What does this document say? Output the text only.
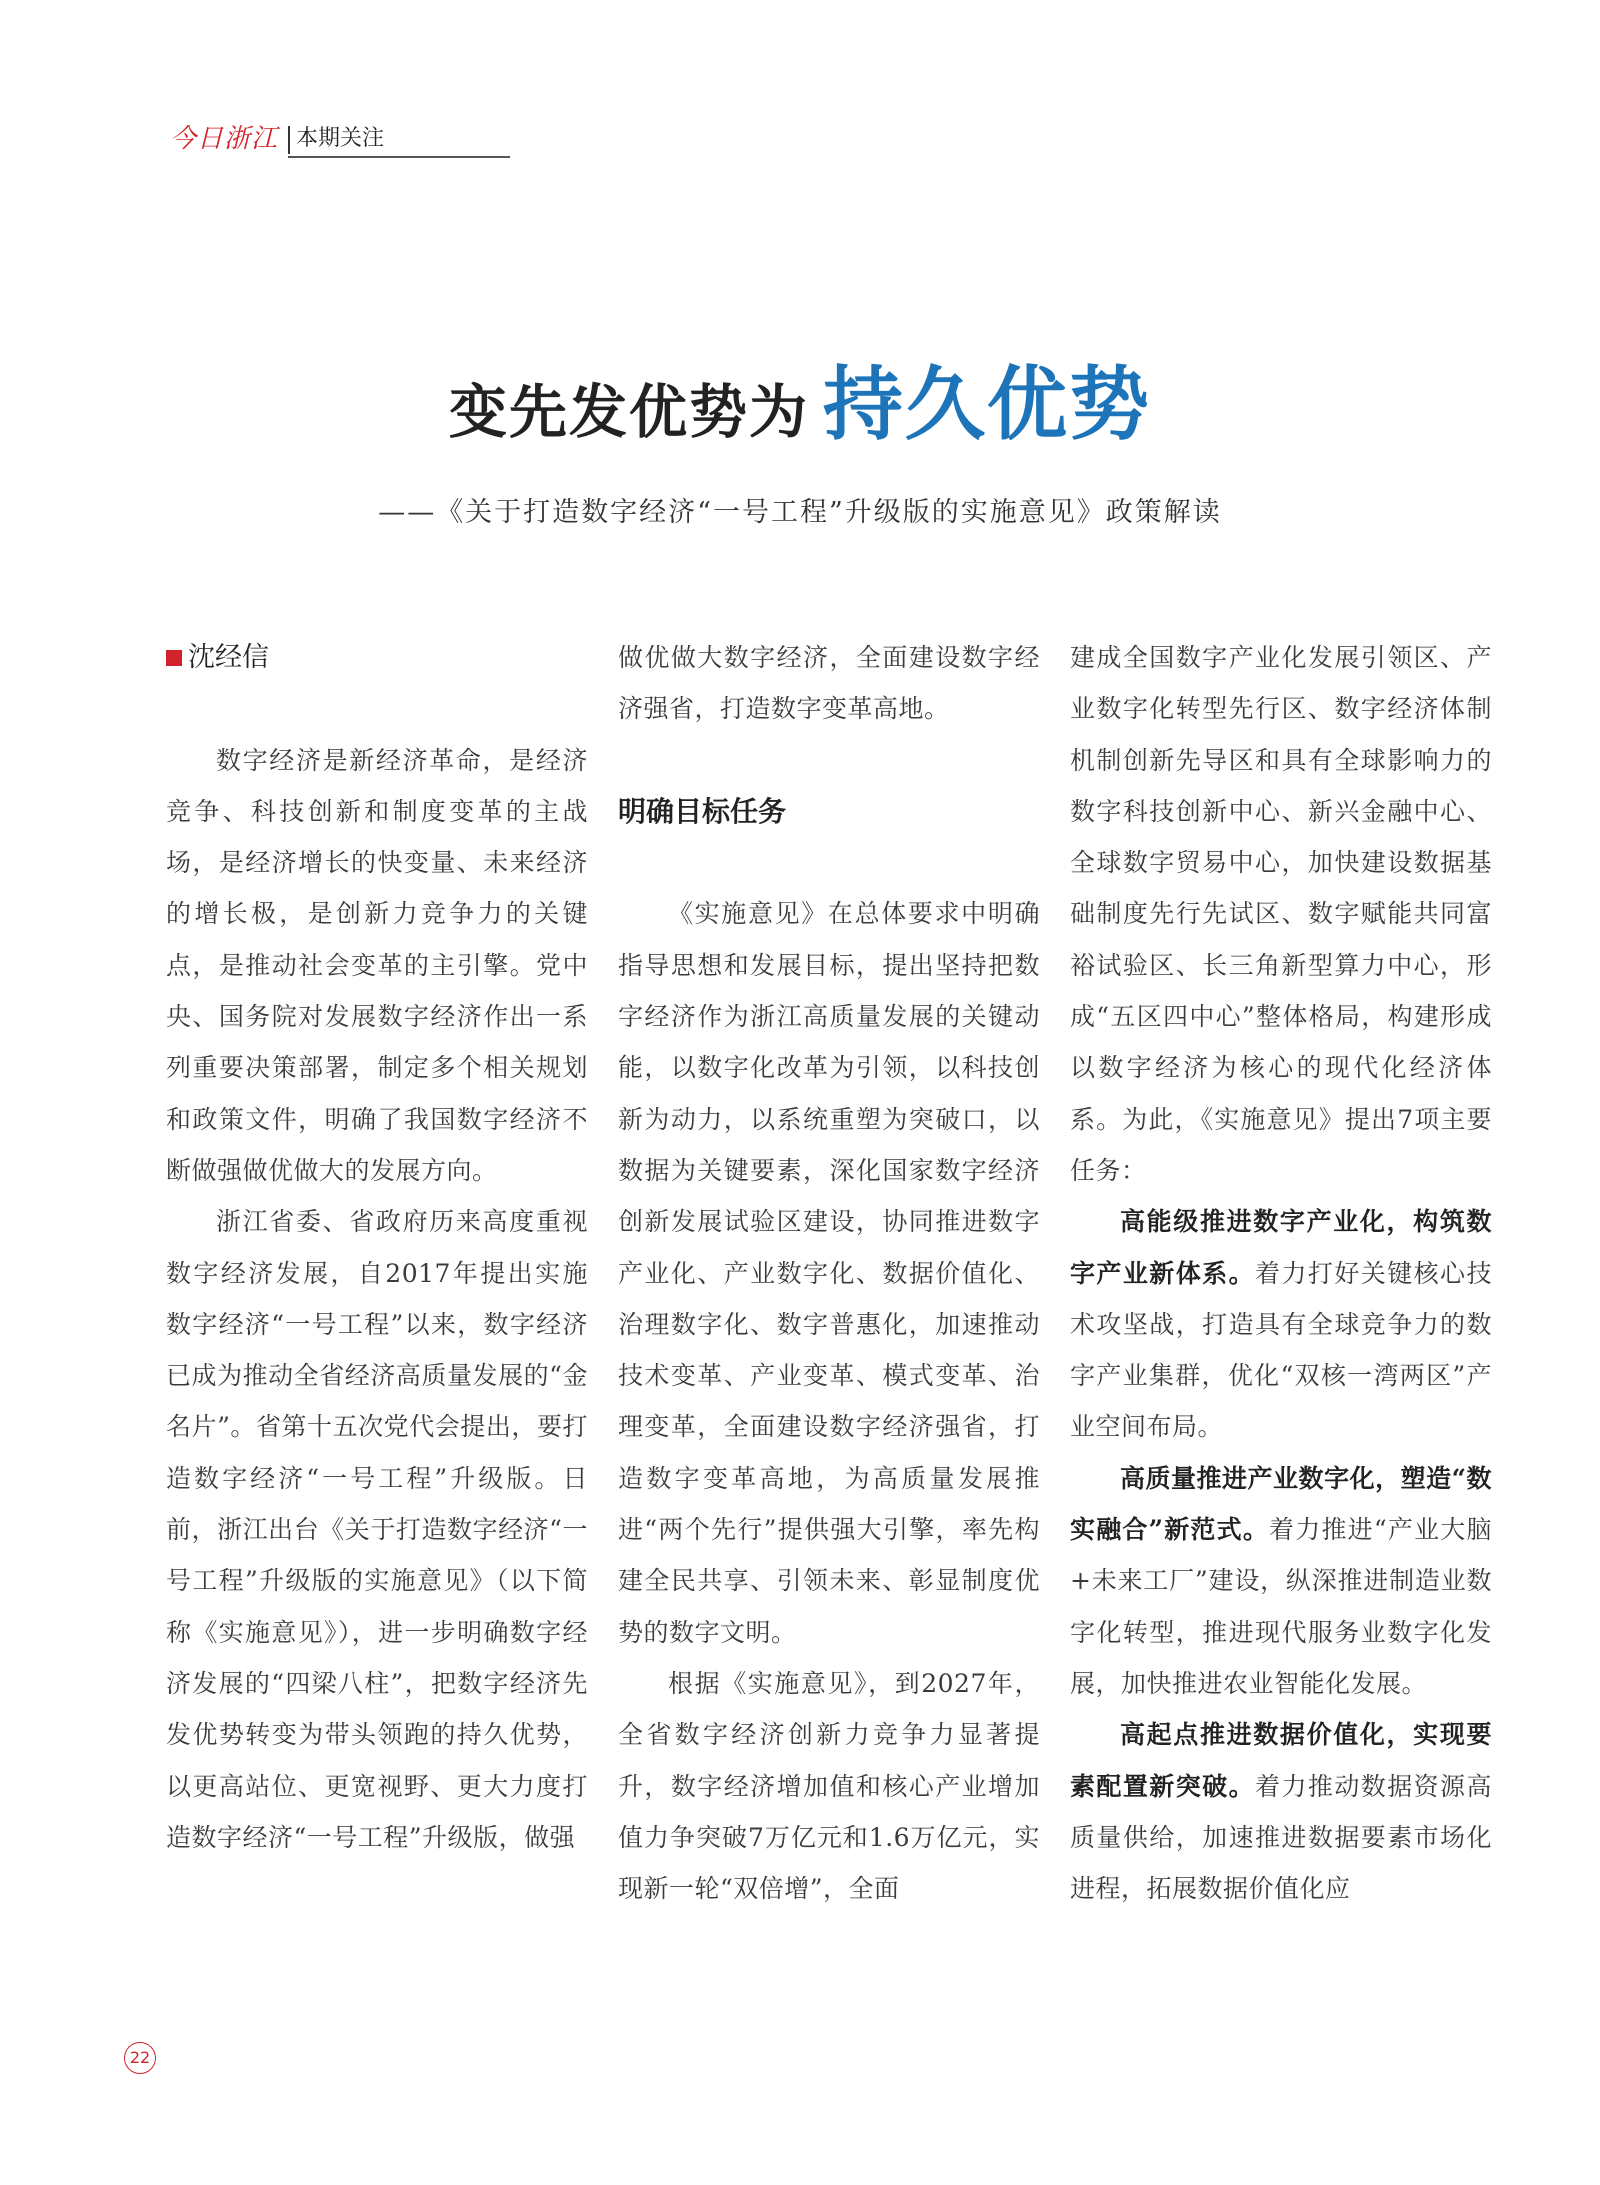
今日浙江 本期关注
变先发优势为 持久优势
——《关于打造数字经济“一号工程”升级版的实施意见》政策解读
沈经信

数字经济是新经济革命，是经济竞争、科技创新和制度变革的主战场，是经济增长的快变量、未来经济的增长极，是创新力竞争力的关键点，是推动社会变革的主引擎。党中央、国务院对发展数字经济作出一系列重要决策部署，制定多个相关规划和政策文件，明确了我国数字经济不断做强做优做大的发展方向。

浙江省委、省政府历来高度重视数字经济发展，自2017年提出实施数字经济“一号工程”以来，数字经济已成为推动全省经济高质量发展的“金名片”。省第十五次党代会提出，要打造数字经济“一号工程”升级版。日前，浙江出台《关于打造数字经济“一号工程”升级版的实施意见》（以下简称《实施意见》），进一步明确数字经济发展的“四梁八柱”，把数字经济先发优势转变为带头领跑的持久优势，以更高站位、更宽视野、更大力度打造数字经济“一号工程”升级版，做强

做优做大数字经济，全面建设数字经济强省，打造数字变革高地。

明确目标任务

《实施意见》在总体要求中明确指导思想和发展目标，提出坚持把数字经济作为浙江高质量发展的关键动能，以数字化改革为引领，以科技创新为动力，以系统重塑为突破口，以数据为关键要素，深化国家数字经济创新发展试验区建设，协同推进数字产业化、产业数字化、数据价值化、治理数字化、数字普惠化，加速推动技术变革、产业变革、模式变革、治理变革，全面建设数字经济强省，打造数字变革高地，为高质量发展推进“两个先行”提供强大引擎，率先构建全民共享、引领未来、彰显制度优势的数字文明。

根据《实施意见》，到2027年，全省数字经济创新力竞争力显著提升，数字经济增加值和核心产业增加值力争突破7万亿元和1.6万亿元，实现新一轮“双倍增”，全面

建成全国数字产业化发展引领区、产业数字化转型先行区、数字经济体制机制创新先导区和具有全球影响力的数字科技创新中心、新兴金融中心、全球数字贸易中心，加快建设数据基础制度先行先试区、数字赋能共同富裕试验区、长三角新型算力中心，形成“五区四中心”整体格局，构建形成以数字经济为核心的现代化经济体系。为此，《实施意见》提出7项主要任务：

高能级推进数字产业化，构筑数字产业新体系。着力打好关键核心技术攻坚战，打造具有全球竞争力的数字产业集群，优化“双核一湾两区”产业空间布局。

高质量推进产业数字化，塑造“数实融合”新范式。着力推进“产业大脑+未来工厂”建设，纵深推进制造业数字化转型，推进现代服务业数字化发展，加快推进农业智能化发展。

高起点推进数据价值化，实现要素配置新突破。着力推动数据资源高质量供给，加速推进数据要素市场化进程，拓展数据价值化应

22
